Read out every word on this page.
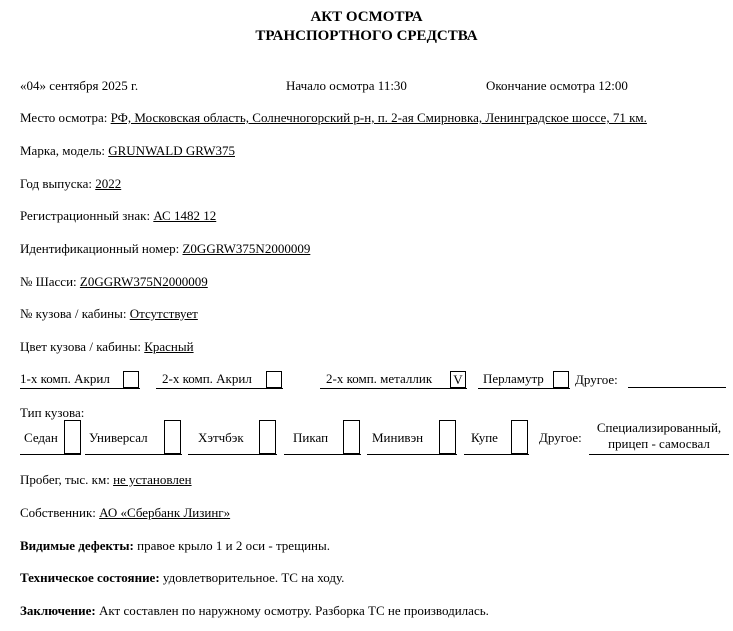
АКТ ОСМОТРА
ТРАНСПОРТНОГО СРЕДСТВА
«04» сентября 2025 г.	Начало осмотра 11:30	Окончание осмотра 12:00
Место осмотра: РФ, Московская область, Солнечногорский р-н, п. 2-ая Смирновка, Ленинградское шоссе, 71 км.
Марка, модель: GRUNWALD GRW375
Год выпуска: 2022
Регистрационный знак: АС 1482 12
Идентификационный номер: Z0GGRW375N2000009
№ Шасси: Z0GGRW375N2000009
№ кузова / кабины: Отсутствует
Цвет кузова / кабины: Красный
1-х комп. Акрил	2-х комп. Акрил	2-х комп. металлик V Перламутр Другое:
Тип кузова:
Седан Универсал	Хэтчбэк	Пикап	Минивэн	Купе	Другое:
Специализированный,
прицеп - самосвал
Пробег, тыс. км: не установлен
Собственник: АО «Сбербанк Лизинг»
Видимые дефекты: правое крыло 1 и 2 оси - трещины.
Техническое состояние: удовлетворительное. ТС на ходу.
Заключение: Акт составлен по наружному осмотру. Разборка ТС не производилась.
